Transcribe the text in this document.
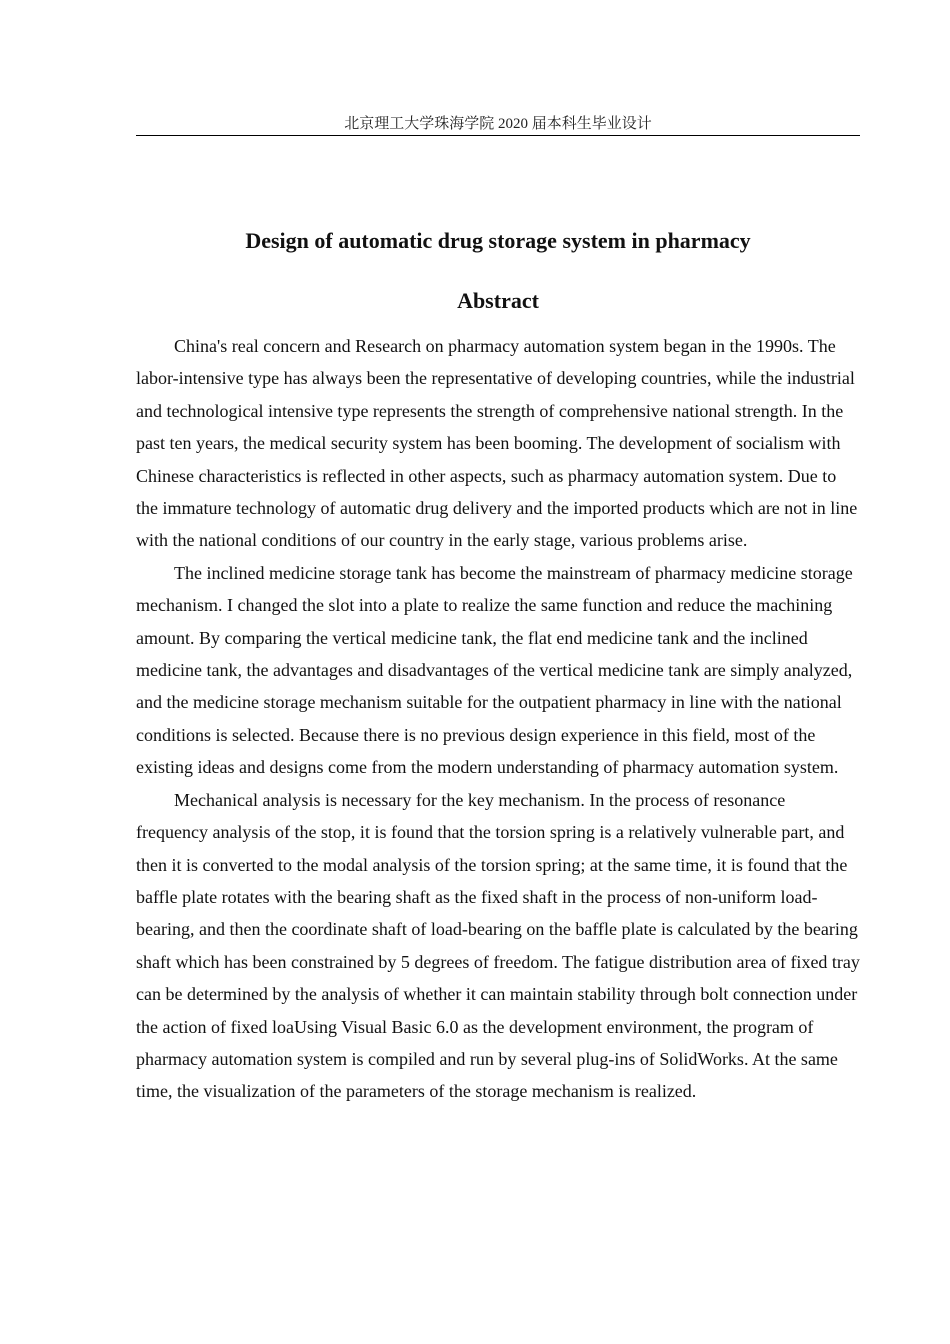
北京理工大学珠海学院 2020 届本科生毕业设计
Design of automatic drug storage system in pharmacy
Abstract

China's real concern and Research on pharmacy automation system began in the 1990s. The labor-intensive type has always been the representative of developing countries, while the industrial and technological intensive type represents the strength of comprehensive national strength. In the past ten years, the medical security system has been booming. The development of socialism with Chinese characteristics is reflected in other aspects, such as pharmacy automation system. Due to the immature technology of automatic drug delivery and the imported products which are not in line with the national conditions of our country in the early stage, various problems arise.

The inclined medicine storage tank has become the mainstream of pharmacy medicine storage mechanism. I changed the slot into a plate to realize the same function and reduce the machining amount. By comparing the vertical medicine tank, the flat end medicine tank and the inclined medicine tank, the advantages and disadvantages of the vertical medicine tank are simply analyzed, and the medicine storage mechanism suitable for the outpatient pharmacy in line with the national conditions is selected. Because there is no previous design experience in this field, most of the existing ideas and designs come from the modern understanding of pharmacy automation system.

Mechanical analysis is necessary for the key mechanism. In the process of resonance frequency analysis of the stop, it is found that the torsion spring is a relatively vulnerable part, and then it is converted to the modal analysis of the torsion spring; at the same time, it is found that the baffle plate rotates with the bearing shaft as the fixed shaft in the process of non-uniform load-bearing, and then the coordinate shaft of load-bearing on the baffle plate is calculated by the bearing shaft which has been constrained by 5 degrees of freedom. The fatigue distribution area of fixed tray can be determined by the analysis of whether it can maintain stability through bolt connection under the action of fixed loaUsing Visual Basic 6.0 as the development environment, the program of pharmacy automation system is compiled and run by several plug-ins of SolidWorks. At the same time, the visualization of the parameters of the storage mechanism is realized.
